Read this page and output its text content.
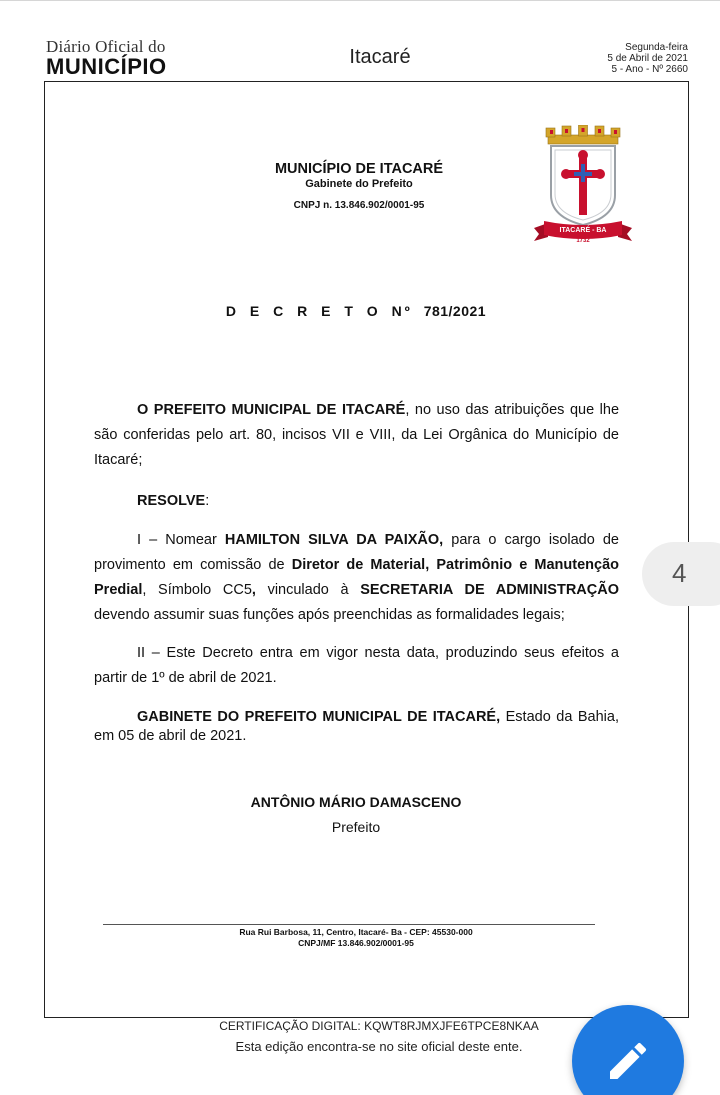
Diário Oficial do
MUNICÍPIO	Itacaré	Segunda-feira
5 de Abril de 2021
5 - Ano - Nº 2660
MUNICÍPIO DE ITACARÉ
Gabinete do Prefeito
CNPJ n. 13.846.902/0001-95
ITACARÉ - BA
1732
D E C R E T O Nº 781/2021
O PREFEITO MUNICIPAL DE ITACARÉ, no uso das atribuições que lhe são conferidas pelo art. 80, incisos VII e VIII, da Lei Orgânica do Município de Itacaré;
RESOLVE:
I – Nomear HAMILTON SILVA DA PAIXÃO, para o cargo isolado de provimento em comissão de Diretor de Material, Patrimônio e Manutenção Predial, Símbolo CC5, vinculado à SECRETARIA DE ADMINISTRAÇÃO devendo assumir suas funções após preenchidas as formalidades legais;
II – Este Decreto entra em vigor nesta data, produzindo seus efeitos a partir de 1º de abril de 2021.
GABINETE DO PREFEITO MUNICIPAL DE ITACARÉ, Estado da Bahia, em 05 de abril de 2021.
ANTÔNIO MÁRIO DAMASCENO
Prefeito
Rua Rui Barbosa, 11, Centro, Itacaré- Ba - CEP: 45530-000
CNPJ/MF 13.846.902/0001-95
CERTIFICAÇÃO DIGITAL: KQWT8RJMXJFE6TPCE8NKAA
Esta edição encontra-se no site oficial deste ente.
4
